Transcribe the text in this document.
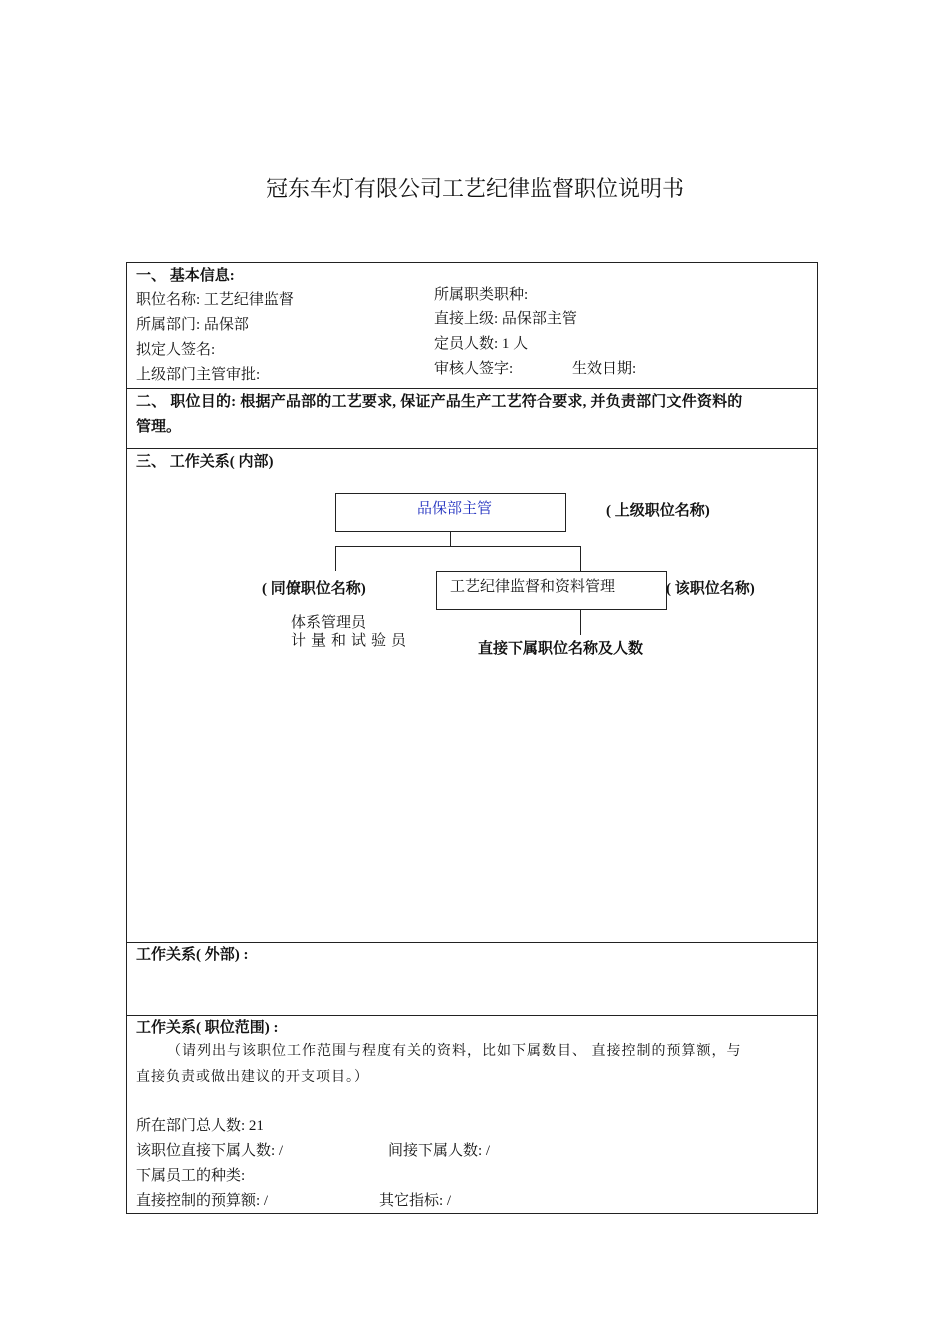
冠东车灯有限公司工艺纪律监督职位说明书
一、 基本信息:
职位名称: 工艺纪律监督
所属部门: 品保部
拟定人签名:
上级部门主管审批:
所属职类职种:
直接上级: 品保部主管
定员人数: 1 人
审核人签字:	生效日期:
二、 职位目的: 根据产品部的工艺要求, 保证产品生产工艺符合要求, 并负责部门文件资料的
管理。
三、 工作关系( 内部)
品保部主管	( 上级职位名称)
( 同僚职位名称)	工艺纪律监督和资料管理	( 该职位名称)
体系管理员
计量和试验员	直接下属职位名称及人数
工作关系( 外部) :
工作关系( 职位范围) :
（请列出与该职位工作范围与程度有关的资料，比如下属数目、 直接控制的预算额，与
直接负责或做出建议的开支项目。）
所在部门总人数: 21
该职位直接下属人数: /	间接下属人数: /
下属员工的种类:
直接控制的预算额: /	其它指标: /
